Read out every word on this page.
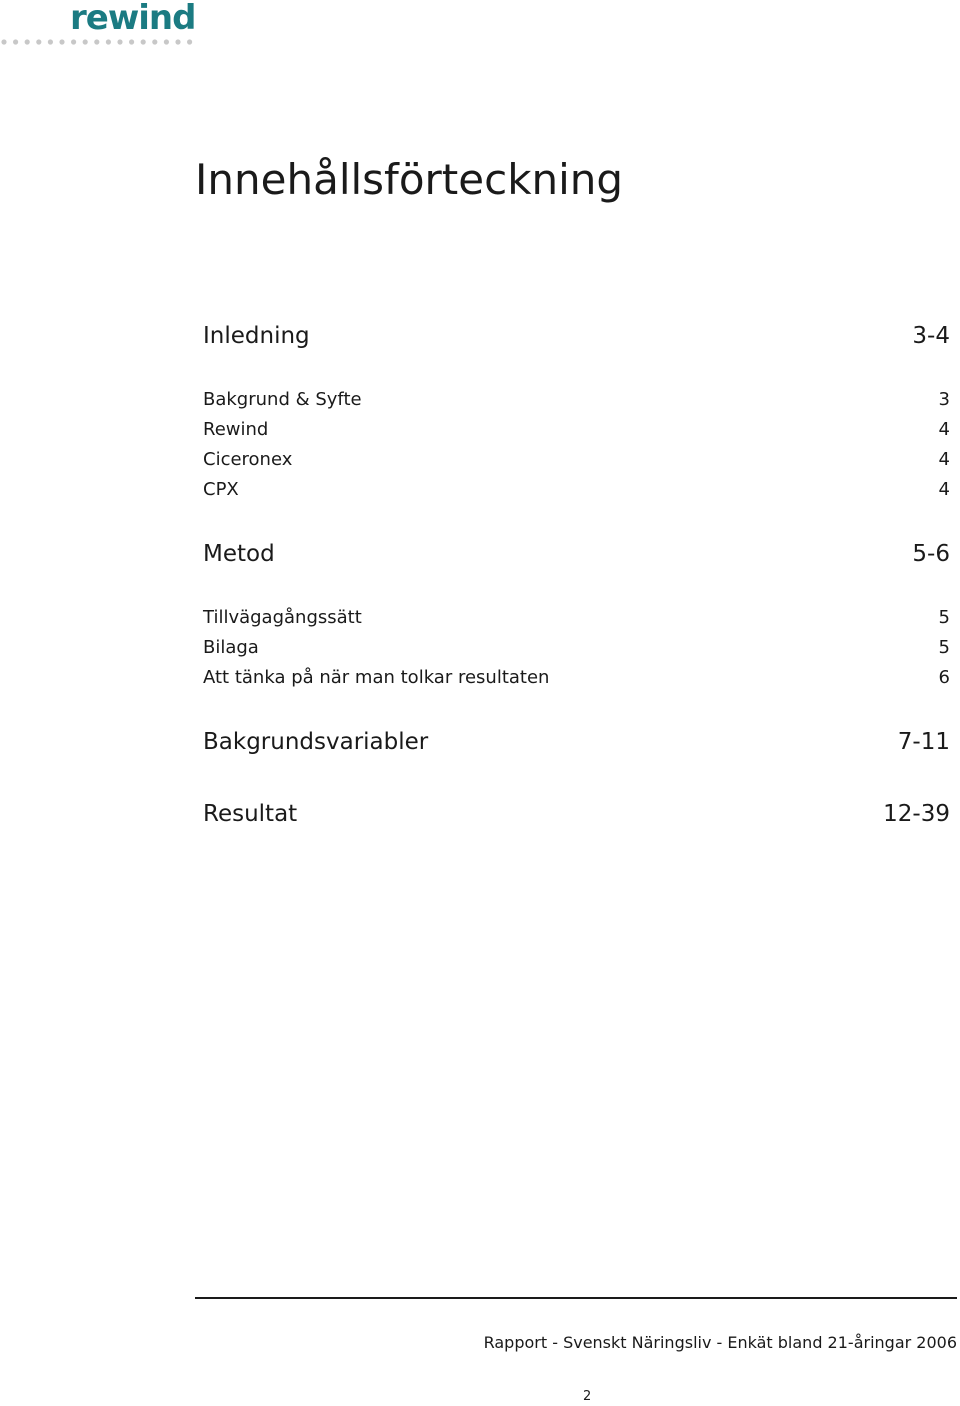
rewind
Innehållsförteckning
Inledning	3-4
Bakgrund & Syfte	3
Rewind	4
Ciceronex	4
CPX	4
Metod	5-6
Tillvägagångssätt	5
Bilaga	5
Att tänka på när man tolkar resultaten	6
Bakgrundsvariabler	7-11
Resultat	12-39
Rapport - Svenskt Näringsliv - Enkät bland 21-åringar 2006
2
